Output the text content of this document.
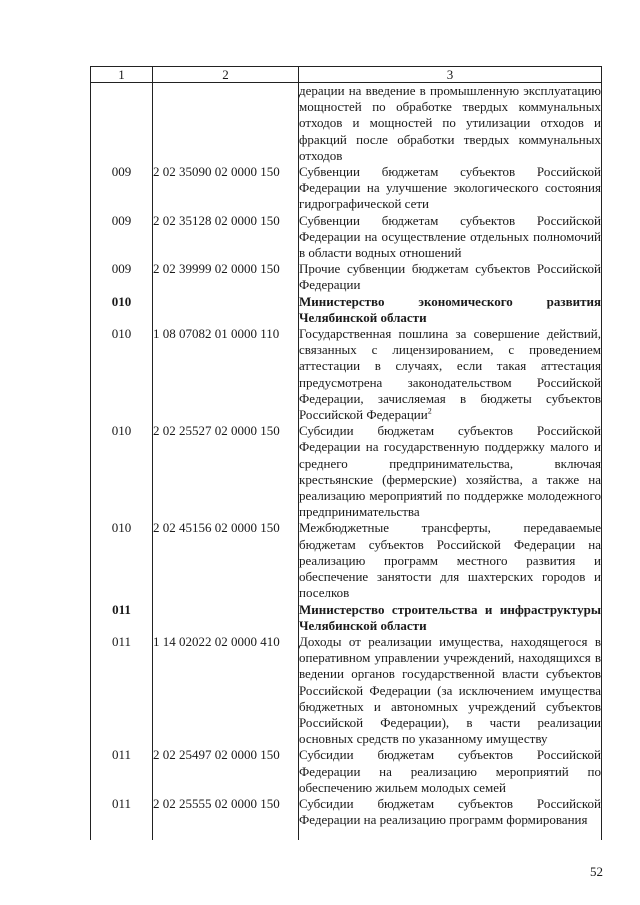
1	2	3
		дерации на введение в промышленную эксплуатацию мощностей по обработке твердых коммунальных отходов и мощностей по утилизации отходов и фракций после обработки твердых коммунальных отходов
009	2 02 35090 02 0000 150	Субвенции бюджетам субъектов Российской Федерации на улучшение экологического состояния гидрографической сети
009	2 02 35128 02 0000 150	Субвенции бюджетам субъектов Российской Федерации на осуществление отдельных полномочий в области водных отношений
009	2 02 39999 02 0000 150	Прочие субвенции бюджетам субъектов Российской Федерации
010		Министерство экономического развития Челябинской области
010	1 08 07082 01 0000 110	Государственная пошлина за совершение действий, связанных с лицензированием, с проведением аттестации в случаях, если такая аттестация предусмотрена законодательством Российской Федерации, зачисляемая в бюджеты субъектов Российской Федерации$^2$
010	2 02 25527 02 0000 150	Субсидии бюджетам субъектов Российской Федерации на государственную поддержку малого и среднего предпринимательства, включая крестьянские (фермерские) хозяйства, а также на реализацию мероприятий по поддержке молодежного предпринимательства
010	2 02 45156 02 0000 150	Межбюджетные трансферты, передаваемые бюджетам субъектов Российской Федерации на реализацию программ местного развития и обеспечение занятости для шахтерских городов и поселков
011		Министерство строительства и инфраструктуры Челябинской области
011	1 14 02022 02 0000 410	Доходы от реализации имущества, находящегося в оперативном управлении учреждений, находящихся в ведении органов государственной власти субъектов Российской Федерации (за исключением имущества бюджетных и автономных учреждений субъектов Российской Федерации), в части реализации основных средств по указанному имуществу
011	2 02 25497 02 0000 150	Субсидии бюджетам субъектов Российской Федерации на реализацию мероприятий по обеспечению жильем молодых семей
011	2 02 25555 02 0000 150	Субсидии бюджетам субъектов Российской Федерации на реализацию программ формирования
52
